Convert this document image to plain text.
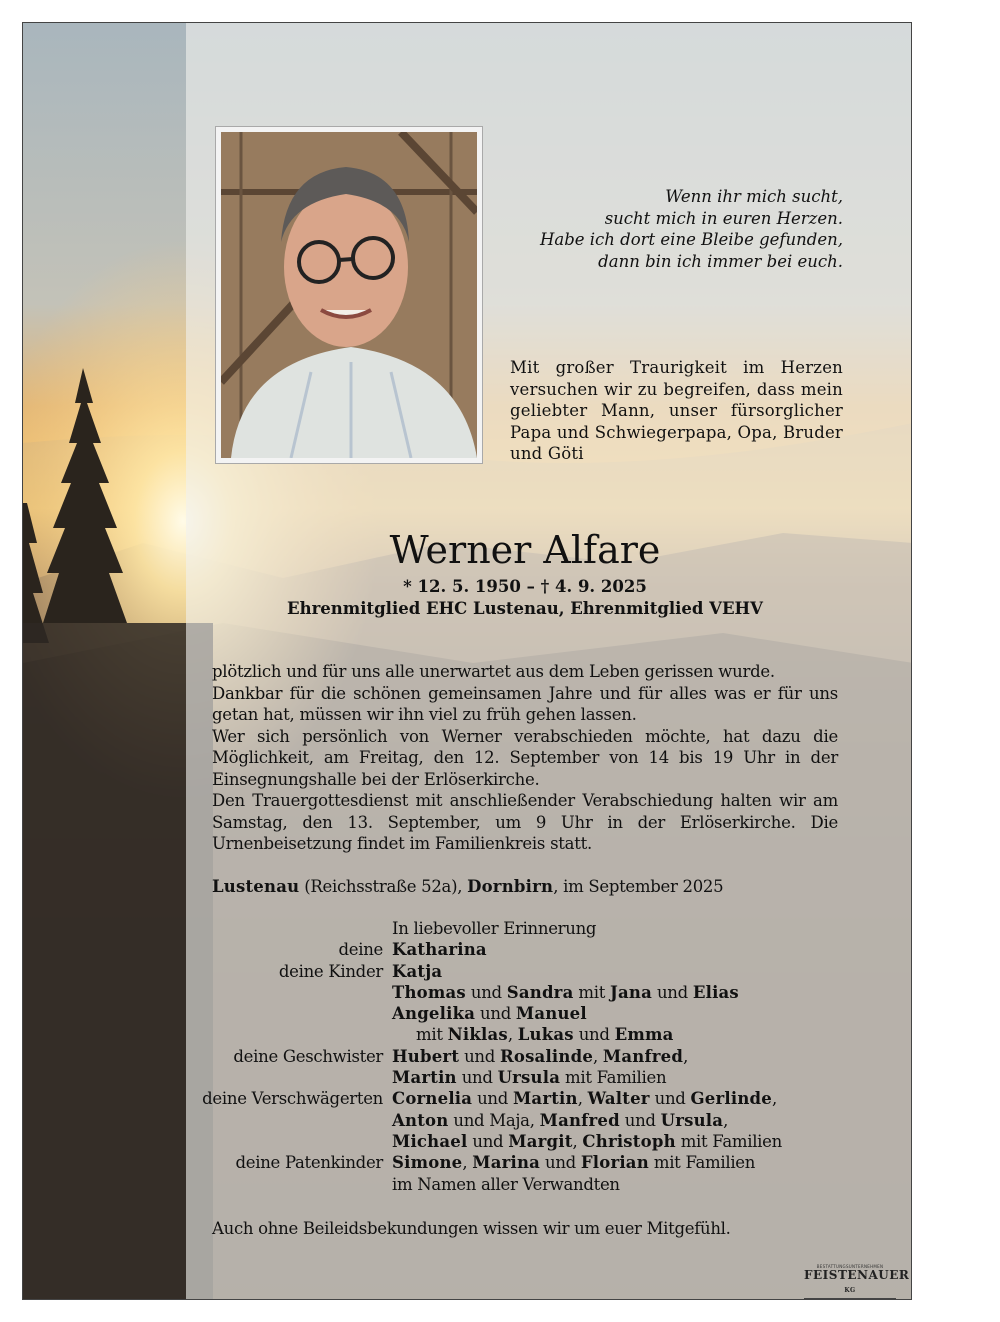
Wenn ihr mich sucht,
sucht mich in euren Herzen.
Habe ich dort eine Bleibe gefunden,
dann bin ich immer bei euch.
Mit großer Traurigkeit im Herzen versuchen wir zu begreifen, dass mein geliebter Mann, unser fürsorglicher Papa und Schwiegerpapa, Opa, Bruder und Göti
Werner Alfare
* 12. 5. 1950 – † 4. 9. 2025
Ehrenmitglied EHC Lustenau, Ehrenmitglied VEHV

plötzlich und für uns alle unerwartet aus dem Leben gerissen wurde.

Dankbar für die schönen gemeinsamen Jahre und für alles was er für uns getan hat, müssen wir ihn viel zu früh gehen lassen.

Wer sich persönlich von Werner verabschieden möchte, hat dazu die Möglichkeit, am Freitag, den 12. September von 14 bis 19 Uhr in der Einsegnungshalle bei der Erlöserkirche.

Den Trauergottesdienst mit anschließender Verabschiedung halten wir am Samstag, den 13. September, um 9 Uhr in der Erlöserkirche. Die Urnenbeisetzung findet im Familienkreis statt.

Lustenau (Reichsstraße 52a), Dornbirn, im September 2025
In liebevoller Erinnerung
deine Katharina
deine Kinder Katja
Thomas und Sandra mit Jana und Elias
Angelika und Manuel
mit Niklas, Lukas und Emma
deine Geschwister Hubert und Rosalinde, Manfred,
Martin und Ursula mit Familien
deine Verschwägerten Cornelia und Martin, Walter und Gerlinde,
Anton und Maja, Manfred und Ursula,
Michael und Margit, Christoph mit Familien
deine Patenkinder Simone, Marina und Florian mit Familien
im Namen aller Verwandten
Auch ohne Beileidsbekundungen wissen wir um euer Mitgefühl.
BESTATTUNGSUNTERNEHMEN
FEISTENAUER KG
